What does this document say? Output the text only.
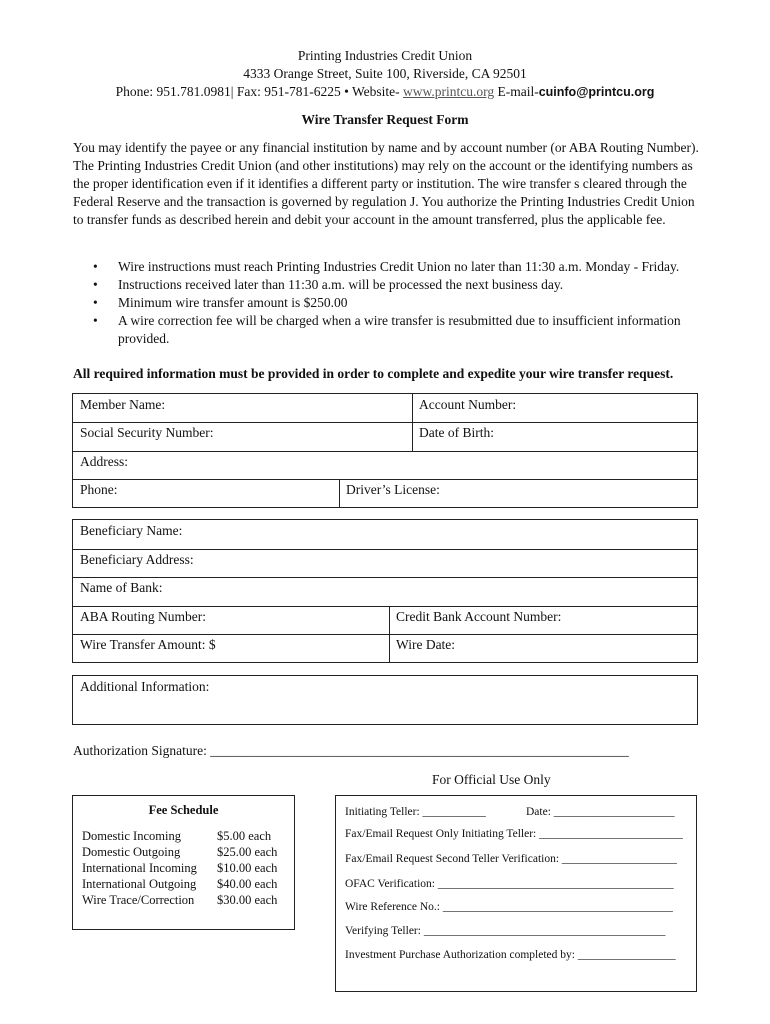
Printing Industries Credit Union
4333 Orange Street, Suite 100, Riverside, CA 92501
Phone: 951.781.0981| Fax: 951-781-6225 • Website- www.printcu.org E-mail-cuinfo@printcu.org
Wire Transfer Request Form
You may identify the payee or any financial institution by name and by account number (or ABA Routing Number). The Printing Industries Credit Union (and other institutions) may rely on the account or the identifying numbers as the proper identification even if it identifies a different party or institution. The wire transfer s cleared through the Federal Reserve and the transaction is governed by regulation J. You authorize the Printing Industries Credit Union to transfer funds as described herein and debit your account in the amount transferred, plus the applicable fee.
• Wire instructions must reach Printing Industries Credit Union no later than 11:30 a.m. Monday - Friday.
• Instructions received later than 11:30 a.m. will be processed the next business day.
• Minimum wire transfer amount is $250.00
• A wire correction fee will be charged when a wire transfer is resubmitted due to insufficient information provided.
All required information must be provided in order to complete and expedite your wire transfer request.
Member Name:	Account Number:
Social Security Number:	Date of Birth:
Address:
Phone:	Driver’s License:
Beneficiary Name:
Beneficiary Address:
Name of Bank:
ABA Routing Number:	Credit Bank Account Number:
Wire Transfer Amount: $	Wire Date:
Additional Information:
Authorization Signature: ______________________________________________________________
For Official Use Only
Fee Schedule
Domestic Incoming	$5.00 each
Domestic Outgoing	$25.00 each
International Incoming	$10.00 each
International Outgoing	$40.00 each
Wire Trace/Correction	$30.00 each
Initiating Teller: ___________	Date: _____________________
Fax/Email Request Only Initiating Teller: _________________________
Fax/Email Request Second Teller Verification: ____________________
OFAC Verification: _________________________________________
Wire Reference No.: ________________________________________
Verifying Teller: __________________________________________
Investment Purchase Authorization completed by: _________________
